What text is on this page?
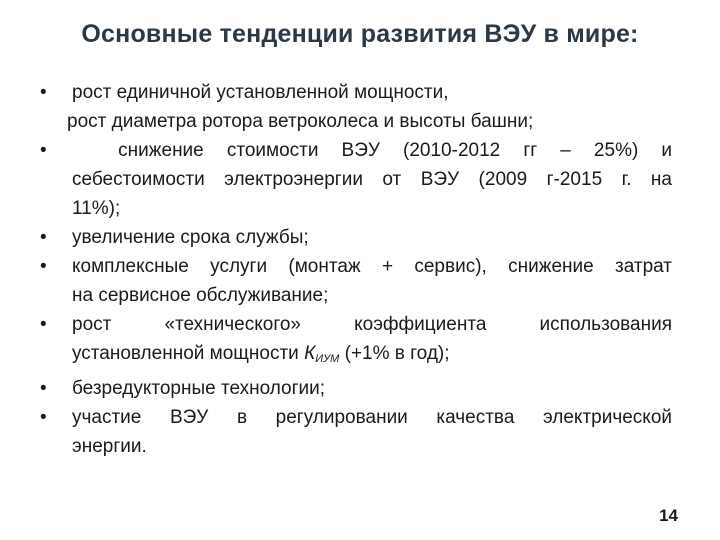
Основные тенденции развития ВЭУ в мире:
•	рост единичной установленной мощности,
рост диаметра ротора ветроколеса и высоты башни;
•	снижение стоимости ВЭУ (2010-2012 гг – 25%) и
себестоимости электроэнергии от ВЭУ (2009 г-2015 г. на
11%);
•	увеличение срока службы;
•	комплексные услуги (монтаж + сервис), снижение затрат
на сервисное обслуживание;
•	рост «технического» коэффициента использования
установленной мощности $К_{ИУМ}$ (+1% в год);
•	безредукторные технологии;
•	участие ВЭУ в регулировании качества электрической
энергии.
14
